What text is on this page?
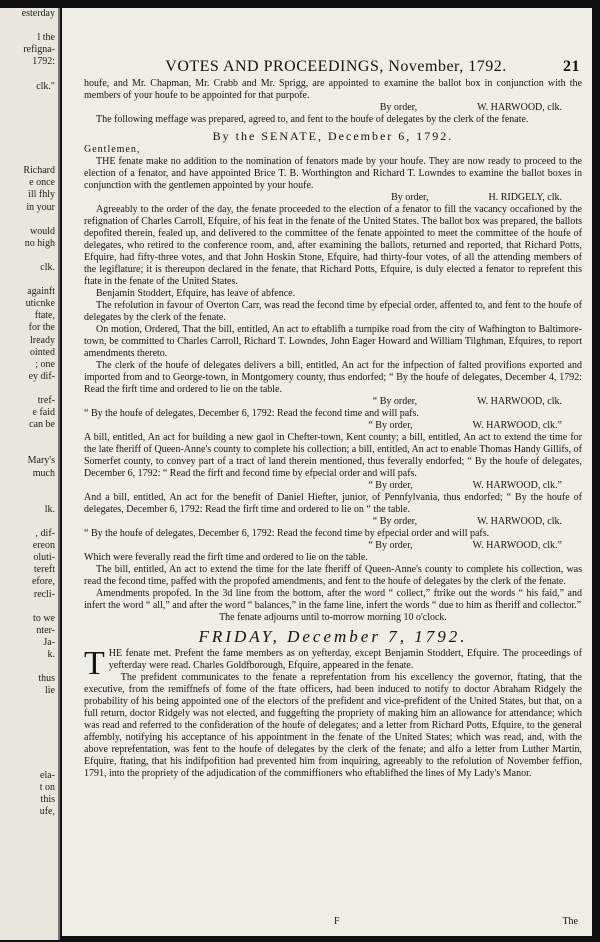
esterday
l the
refigna-
1792:
clk."
Richard
e once
ill fhly
in your
would
no high
clk.
againft
uticnke
ftate,
for the
lready
ointed
; one
ey dif-
tref-
e faid
can be
Mary's
much
lk.
, dif-
ereon
oluti-
tereft
efore,
recli-
to we
nter-
Ja-
k.
thus
lie
ela-
t on
this
ufe,
VOTES AND PROCEEDINGS, November, 1792.	21

houfe, and Mr. Chapman, Mr. Crabb and Mr. Sprigg, are appointed to examine the ballot box in conjunction with the members of your houfe to be appointed for that purpofe.

By order,	W. HARWOOD, clk.

The following meffage was prepared, agreed to, and fent to the houfe of delegates by the clerk of the fenate.

By the SENATE, December 6, 1792.

Gentlemen,

THE fenate make no addition to the nomination of fenators made by your houfe. They are now ready to proceed to the election of a fenator, and have appointed Brice T. B. Worthington and Richard T. Lowndes to examine the ballot boxes in conjunction with the gentlemen appointed by your houfe.

By order,	H. RIDGELY, clk.

Agreeably to the order of the day, the fenate proceeded to the election of a fenator to fill the vacancy occafioned by the refignation of Charles Carroll, Efquire, of his feat in the fenate of the United States. The ballot box was prepared, the ballots depofited therein, fealed up, and delivered to the committee of the fenate appointed to meet the committee of the houfe of delegates, who retired to the conference room, and, after examining the ballots, returned and reported, that Richard Potts, Efquire, had fifty-three votes, and that John Hoskin Stone, Efquire, had thirty-four votes, of all the attending members of the legiflature; it is thereupon declared in the fenate, that Richard Potts, Efquire, is duly elected a fenator to reprefent this ftate in the fenate of the United States.

Benjamin Stoddert, Efquire, has leave of abfence.

The refolution in favour of Overton Carr, was read the fecond time by efpecial order, affented to, and fent to the houfe of delegates by the clerk of the fenate.

On motion, Ordered, That the bill, entitled, An act to eftablifh a turnpike road from the city of Wafhington to Baltimore-town, be committed to Charles Carroll, Richard T. Lowndes, John Eager Howard and William Tilghman, Efquires, to report amendments thereto.

The clerk of the houfe of delegates delivers a bill, entitled, An act for the infpection of falted provifions exported and imported from and to George-town, in Montgomery county, thus endorfed; “ By the houfe of delegates, December 4, 1792: Read the firft time and ordered to lie on the table.

“ By order,	W. HARWOOD, clk.

“ By the houfe of delegates, December 6, 1792: Read the fecond time and will pafs.

“ By order,	W. HARWOOD, clk.”

A bill, entitled, An act for building a new gaol in Chefter-town, Kent county; a bill, entitled, An act to extend the time for the late fheriff of Queen-Anne's county to complete his collection; a bill, entitled, An act to enable Thomas Handy Gillifs, of Somerfet county, to convey part of a tract of land therein mentioned, thus feverally endorfed; “ By the houfe of delegates, December 6, 1792: “ Read the firft and fecond time by efpecial order and will pafs.

“ By order,	W. HARWOOD, clk.”

And a bill, entitled, An act for the benefit of Daniel Hiefter, junior, of Pennfylvania, thus endorfed; “ By the houfe of delegates, December 6, 1792: Read the firft time and ordered to lie on “ the table.

“ By order,	W. HARWOOD, clk.

“ By the houfe of delegates, December 6, 1792: Read the fecond time by efpecial order and will pafs.

“ By order,	W. HARWOOD, clk.”

Which were feverally read the firft time and ordered to lie on the table.

The bill, entitled, An act to extend the time for the late fheriff of Queen-Anne's county to complete his collection, was read the fecond time, paffed with the propofed amendments, and fent to the houfe of delegates by the clerk of the fenate.

Amendments propofed. In the 3d line from the bottom, after the word “ collect,” ftrike out the words “ his faid,” and infert the word “ all,” and after the word “ balances,” in the fame line, infert the words “ due to him as fheriff and collector.”

The fenate adjourns until to-morrow morning 10 o'clock.

FRIDAY, December 7, 1792.

THE fenate met. Prefent the fame members as on yefterday, except Benjamin Stoddert, Efquire. The proceedings of yefterday were read. Charles Goldfborough, Efquire, appeared in the fenate.

The prefident communicates to the fenate a reprefentation from his excellency the governor, ftating, that the executive, from the remiffnefs of fome of the ftate officers, had been induced to notify to doctor Abraham Ridgely the probability of his being appointed one of the electors of the prefident and vice-prefident of the United States, but that, on a full return, doctor Ridgely was not elected, and fuggefting the propriety of making him an allowance for attendance; which was read and referred to the confideration of the houfe of delegates; and a letter from Richard Potts, Efquire, to the general affembly, notifying his acceptance of his appointment in the fenate of the United States; which was read, and, with the above reprefentation, was fent to the houfe of delegates by the clerk of the fenate; and alfo a letter from Luther Martin, Efquire, ftating, that his indifpofition had prevented him from inquiring, agreeably to the refolution of November feffion, 1791, into the propriety of the adjudication of the commiffioners who eftablifhed the lines of My Lady's Manor.

F	The
